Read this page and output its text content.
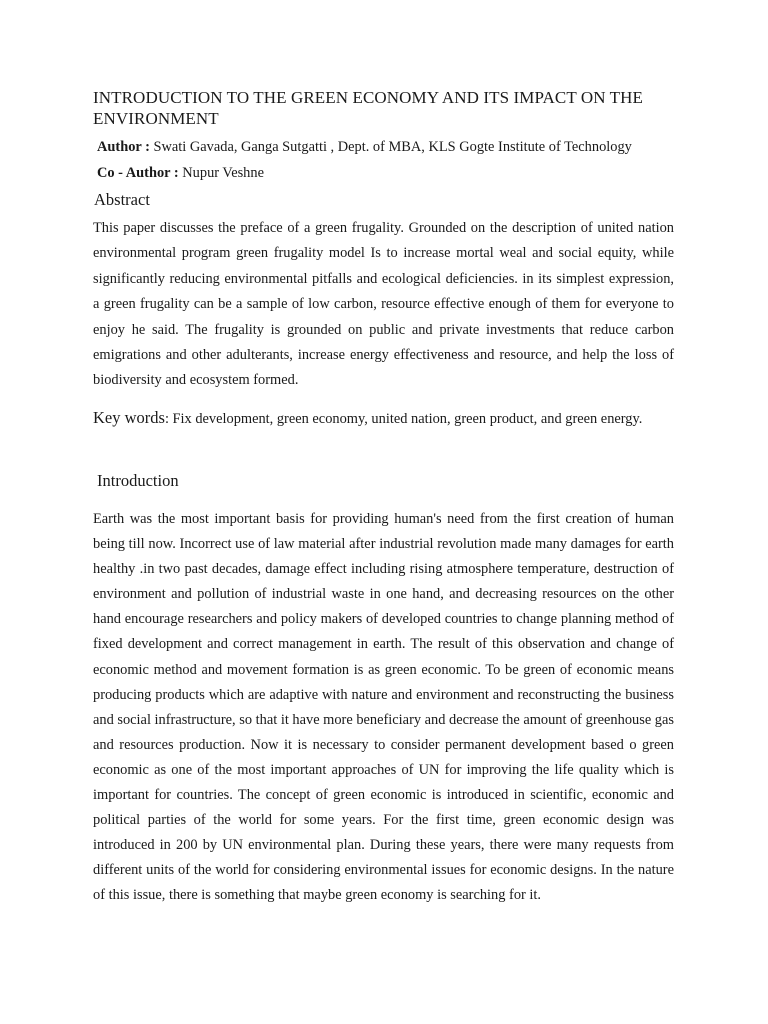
INTRODUCTION TO THE GREEN ECONOMY AND ITS IMPACT ON THE ENVIRONMENT
Author : Swati Gavada, Ganga Sutgatti , Dept. of MBA, KLS Gogte Institute of Technology
Co - Author : Nupur Veshne
Abstract
This paper discusses the preface of a green frugality. Grounded on the description of united nation environmental program green frugality model Is to increase mortal weal and social equity, while significantly reducing environmental pitfalls and ecological deficiencies. in its simplest expression, a green frugality can be a sample of low carbon, resource effective enough of them for everyone to enjoy he said. The frugality is grounded on public and private investments that reduce carbon emigrations and other adulterants, increase energy effectiveness and resource, and help the loss of biodiversity and ecosystem formed.
Key words: Fix development, green economy, united nation, green product, and green energy.
Introduction
Earth was the most important basis for providing human's need from the first creation of human being till now. Incorrect use of law material after industrial revolution made many damages for earth healthy .in two past decades, damage effect including rising atmosphere temperature, destruction of environment and pollution of industrial waste in one hand, and decreasing resources on the other hand encourage researchers and policy makers of developed countries to change planning method of fixed development and correct management in earth. The result of this observation and change of economic method and movement formation is as green economic. To be green of economic means producing products which are adaptive with nature and environment and reconstructing the business and social infrastructure, so that it have more beneficiary and decrease the amount of greenhouse gas and resources production. Now it is necessary to consider permanent development based o green economic as one of the most important approaches of UN for improving the life quality which is important for countries. The concept of green economic is introduced in scientific, economic and political parties of the world for some years. For the first time, green economic design was introduced in 200 by UN environmental plan. During these years, there were many requests from different units of the world for considering environmental issues for economic designs. In the nature of this issue, there is something that maybe green economy is searching for it.
